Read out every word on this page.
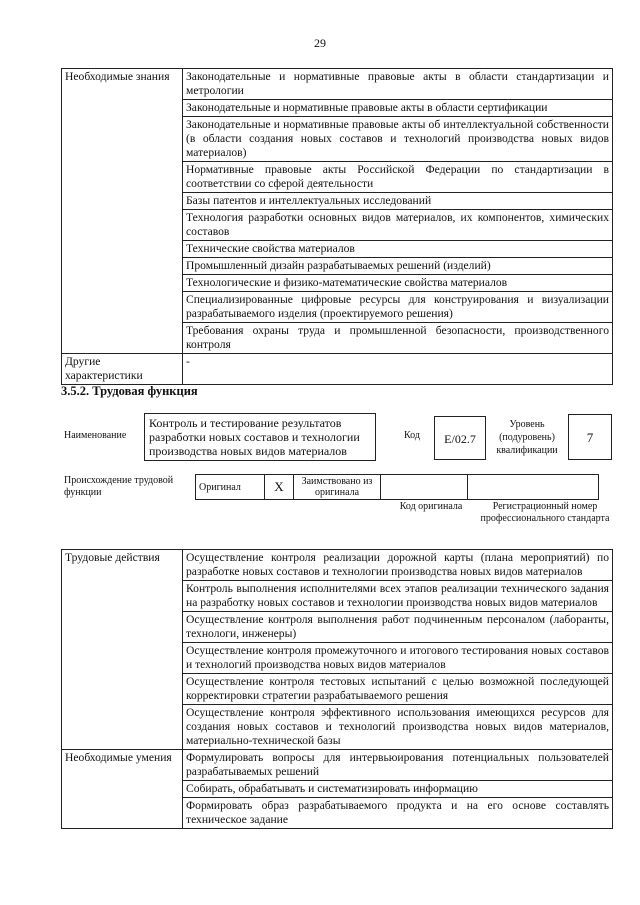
29
Необходимые знания	Законодательные и нормативные правовые акты в области стандартизации и метрологии
	Законодательные и нормативные правовые акты в области сертификации
	Законодательные и нормативные правовые акты об интеллектуальной собственности (в области создания новых составов и технологий производства новых видов материалов)
	Нормативные правовые акты Российской Федерации по стандартизации в соответствии со сферой деятельности
	Базы патентов и интеллектуальных исследований
	Технология разработки основных видов материалов, их компонентов, химических составов
	Технические свойства материалов
	Промышленный дизайн разрабатываемых решений (изделий)
	Технологические и физико-математические свойства материалов
	Специализированные цифровые ресурсы для конструирования и визуализации разрабатываемого изделия (проектируемого решения)
	Требования охраны труда и промышленной безопасности, производственного контроля
Другие характеристики	-
3.5.2. Трудовая функция
Наименование
Контроль и тестирование результатов разработки новых составов и технологии производства новых видов материалов
Код	E/02.7
Уровень (подуровень) квалификации
7
Происхождение трудовой функции	Оригинал	X	Заимствовано из оригинала		
Код оригинала	Регистрационный номер профессионального стандарта
Трудовые действия	Осуществление контроля реализации дорожной карты (плана мероприятий) по разработке новых составов и технологии производства новых видов материалов
	Контроль выполнения исполнителями всех этапов реализации технического задания на разработку новых составов и технологии производства новых видов материалов
	Осуществление контроля выполнения работ подчиненным персоналом (лаборанты, технологи, инженеры)
	Осуществление контроля промежуточного и итогового тестирования новых составов и технологий производства новых видов материалов
	Осуществление контроля тестовых испытаний с целью возможной последующей корректировки стратегии разрабатываемого решения
	Осуществление контроля эффективного использования имеющихся ресурсов для создания новых составов и технологий производства новых видов материалов, материально-технической базы
Необходимые умения	Формулировать вопросы для интервьюирования потенциальных пользователей разрабатываемых решений
	Собирать, обрабатывать и систематизировать информацию
	Формировать образ разрабатываемого продукта и на его основе составлять техническое задание
